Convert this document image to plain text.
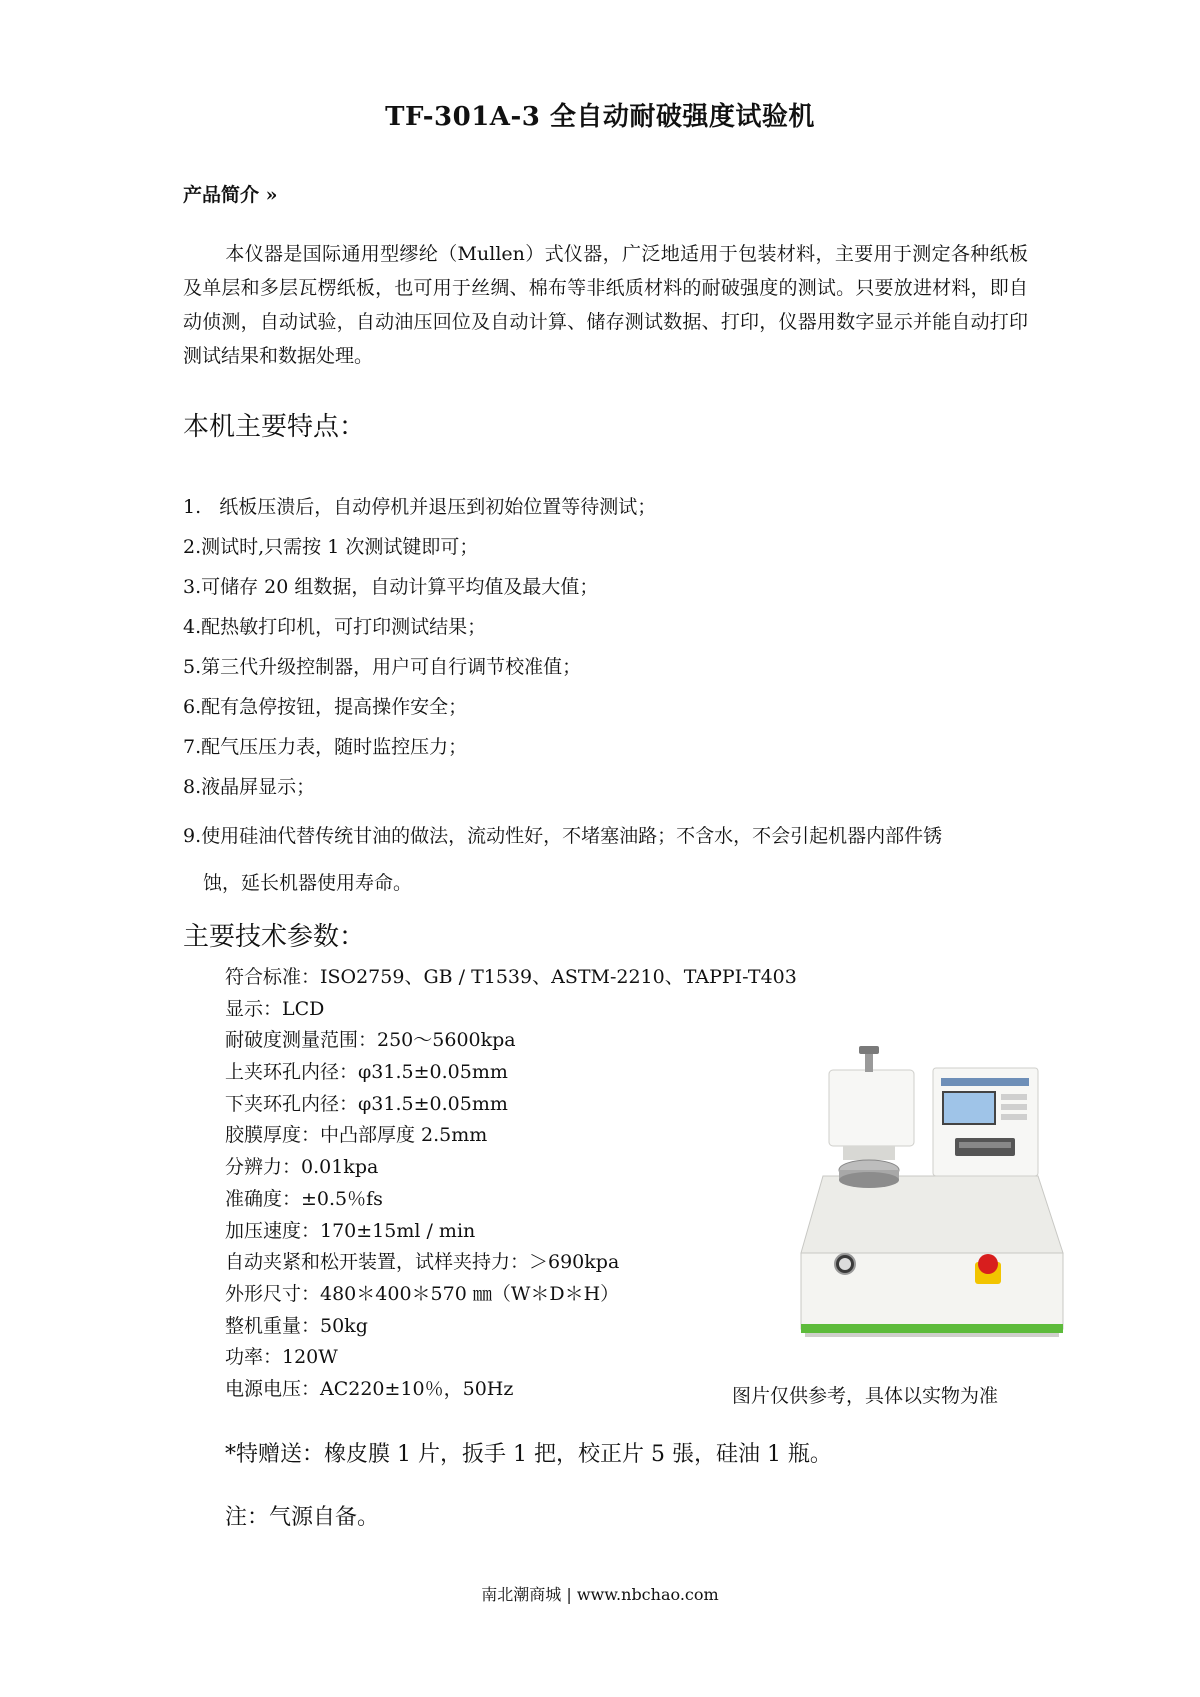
TF-301A-3 全自动耐破强度试验机
产品简介 »
本仪器是国际通用型缪纶（Mullen）式仪器，广泛地适用于包装材料，主要用于测定各种纸板及单层和多层瓦楞纸板，也可用于丝绸、棉布等非纸质材料的耐破强度的测试。只要放进材料，即自动侦测，自动试验，自动油压回位及自动计算、储存测试数据、打印，仪器用数字显示并能自动打印测试结果和数据处理。
本机主要特点：
1.   纸板压溃后，自动停机并退压到初始位置等待测试；
2.测试时,只需按 1 次测试键即可；
3.可储存 20 组数据，自动计算平均值及最大值；
4.配热敏打印机，可打印测试结果；
5.第三代升级控制器，用户可自行调节校准值；
6.配有急停按钮，提高操作安全；
7.配气压压力表，随时监控压力；
8.液晶屏显示；
9.使用硅油代替传统甘油的做法，流动性好，不堵塞油路；不含水，不会引起机器内部件锈
蚀，延长机器使用寿命。
主要技术参数：
符合标准：ISO2759、GB / T1539、ASTM-2210、TAPPI-T403
显示：LCD
耐破度测量范围：250～5600kpa
上夹环孔内径：φ31.5±0.05mm
下夹环孔内径：φ31.5±0.05mm
胶膜厚度：中凸部厚度 2.5mm
分辨力：0.01kpa
准确度：±0.5％fs
加压速度：170±15ml / min
自动夹紧和松开装置，试样夹持力：＞690kpa
外形尺寸：480＊400＊570 ㎜（W＊D＊H）
整机重量：50kg
功率：120W
电源电压：AC220±10％，50Hz	图片仅供参考，具体以实物为准
*特赠送：橡皮膜 1 片，扳手 1 把，校正片 5 張，硅油 1 瓶。
注：气源自备。
南北潮商城 | www.nbchao.com
